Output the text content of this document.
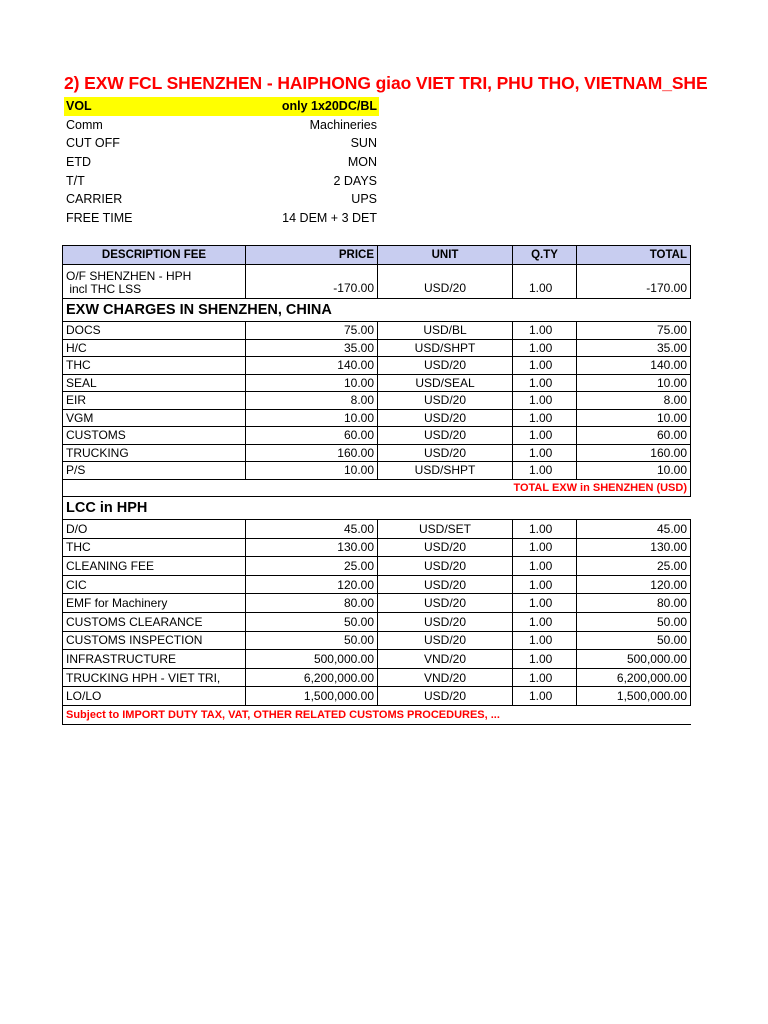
2) EXW FCL SHENZHEN - HAIPHONG giao VIET TRI, PHU THO, VIETNAM_SHE
VOL	only 1x20DC/BL
Comm	Machineries
CUT OFF	SUN
ETD	MON
T/T	2 DAYS
CARRIER	UPS
FREE TIME	14 DEM + 3 DET
DESCRIPTION FEE	PRICE	UNIT	Q.TY	TOTAL
O/F SHENZHEN - HPH
incl THC LSS	-170.00	USD/20	1.00	-170.00
EXW CHARGES IN SHENZHEN, CHINA				
DOCS	75.00	USD/BL	1.00	75.00
H/C	35.00	USD/SHPT	1.00	35.00
THC	140.00	USD/20	1.00	140.00
SEAL	10.00	USD/SEAL	1.00	10.00
EIR	8.00	USD/20	1.00	8.00
VGM	10.00	USD/20	1.00	10.00
CUSTOMS	60.00	USD/20	1.00	60.00
TRUCKING	160.00	USD/20	1.00	160.00
P/S	10.00	USD/SHPT	1.00	10.00
	TOTAL EXW in SHENZHEN (USD)			
LCC in HPH				
D/O	45.00	USD/SET	1.00	45.00
THC	130.00	USD/20	1.00	130.00
CLEANING FEE	25.00	USD/20	1.00	25.00
CIC	120.00	USD/20	1.00	120.00
EMF for Machinery	80.00	USD/20	1.00	80.00
CUSTOMS CLEARANCE	50.00	USD/20	1.00	50.00
CUSTOMS INSPECTION	50.00	USD/20	1.00	50.00
INFRASTRUCTURE	500,000.00	VND/20	1.00	500,000.00
TRUCKING HPH - VIET TRI,	6,200,000.00	VND/20	1.00	6,200,000.00
LO/LO	1,500,000.00	USD/20	1.00	1,500,000.00
Subject to IMPORT DUTY TAX, VAT, OTHER RELATED CUSTOMS PROCEDURES, ...				
